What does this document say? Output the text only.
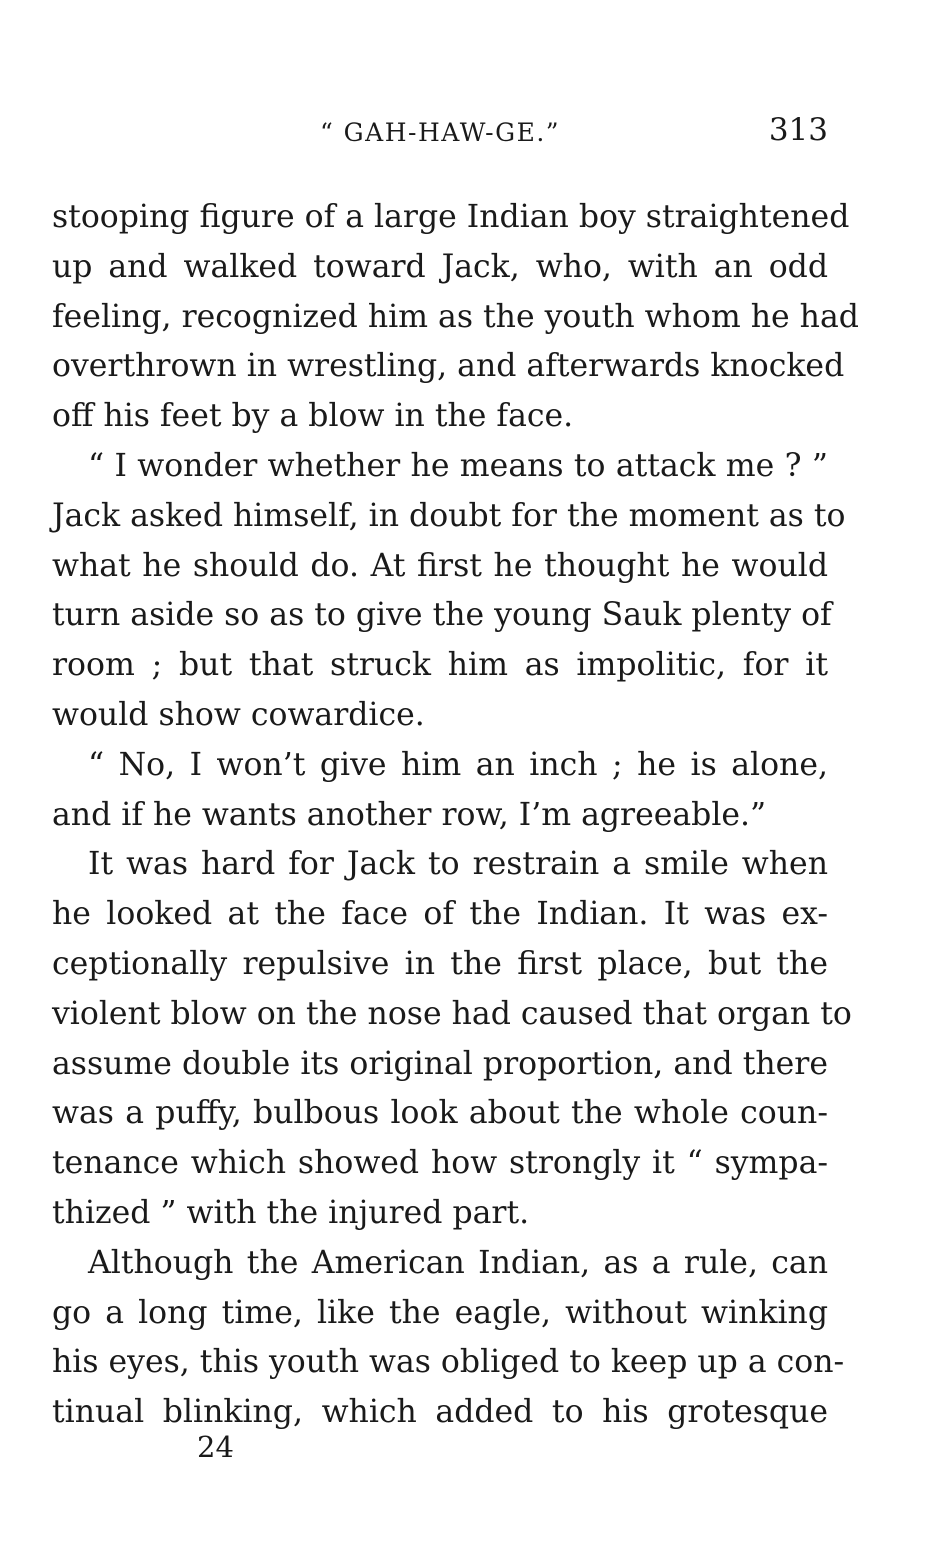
“ GAH-HAW-GE.”	313
stooping figure of a large Indian boy straightened
up and walked toward Jack, who, with an odd
feeling, recognized him as the youth whom he had
overthrown in wrestling, and afterwards knocked
off his feet by a blow in the face.
“ I wonder whether he means to attack me ? ”
Jack asked himself, in doubt for the moment as to
what he should do. At first he thought he would
turn aside so as to give the young Sauk plenty of
room ; but that struck him as impolitic, for it
would show cowardice.
“ No, I won’t give him an inch ; he is alone,
and if he wants another row, I’m agreeable.”
It was hard for Jack to restrain a smile when
he looked at the face of the Indian. It was ex-
ceptionally repulsive in the first place, but the
violent blow on the nose had caused that organ to
assume double its original proportion, and there
was a puffy, bulbous look about the whole coun-
tenance which showed how strongly it “ sympa-
thized ” with the injured part.
Although the American Indian, as a rule, can
go a long time, like the eagle, without winking
his eyes, this youth was obliged to keep up a con-
tinual blinking, which added to his grotesque
24
